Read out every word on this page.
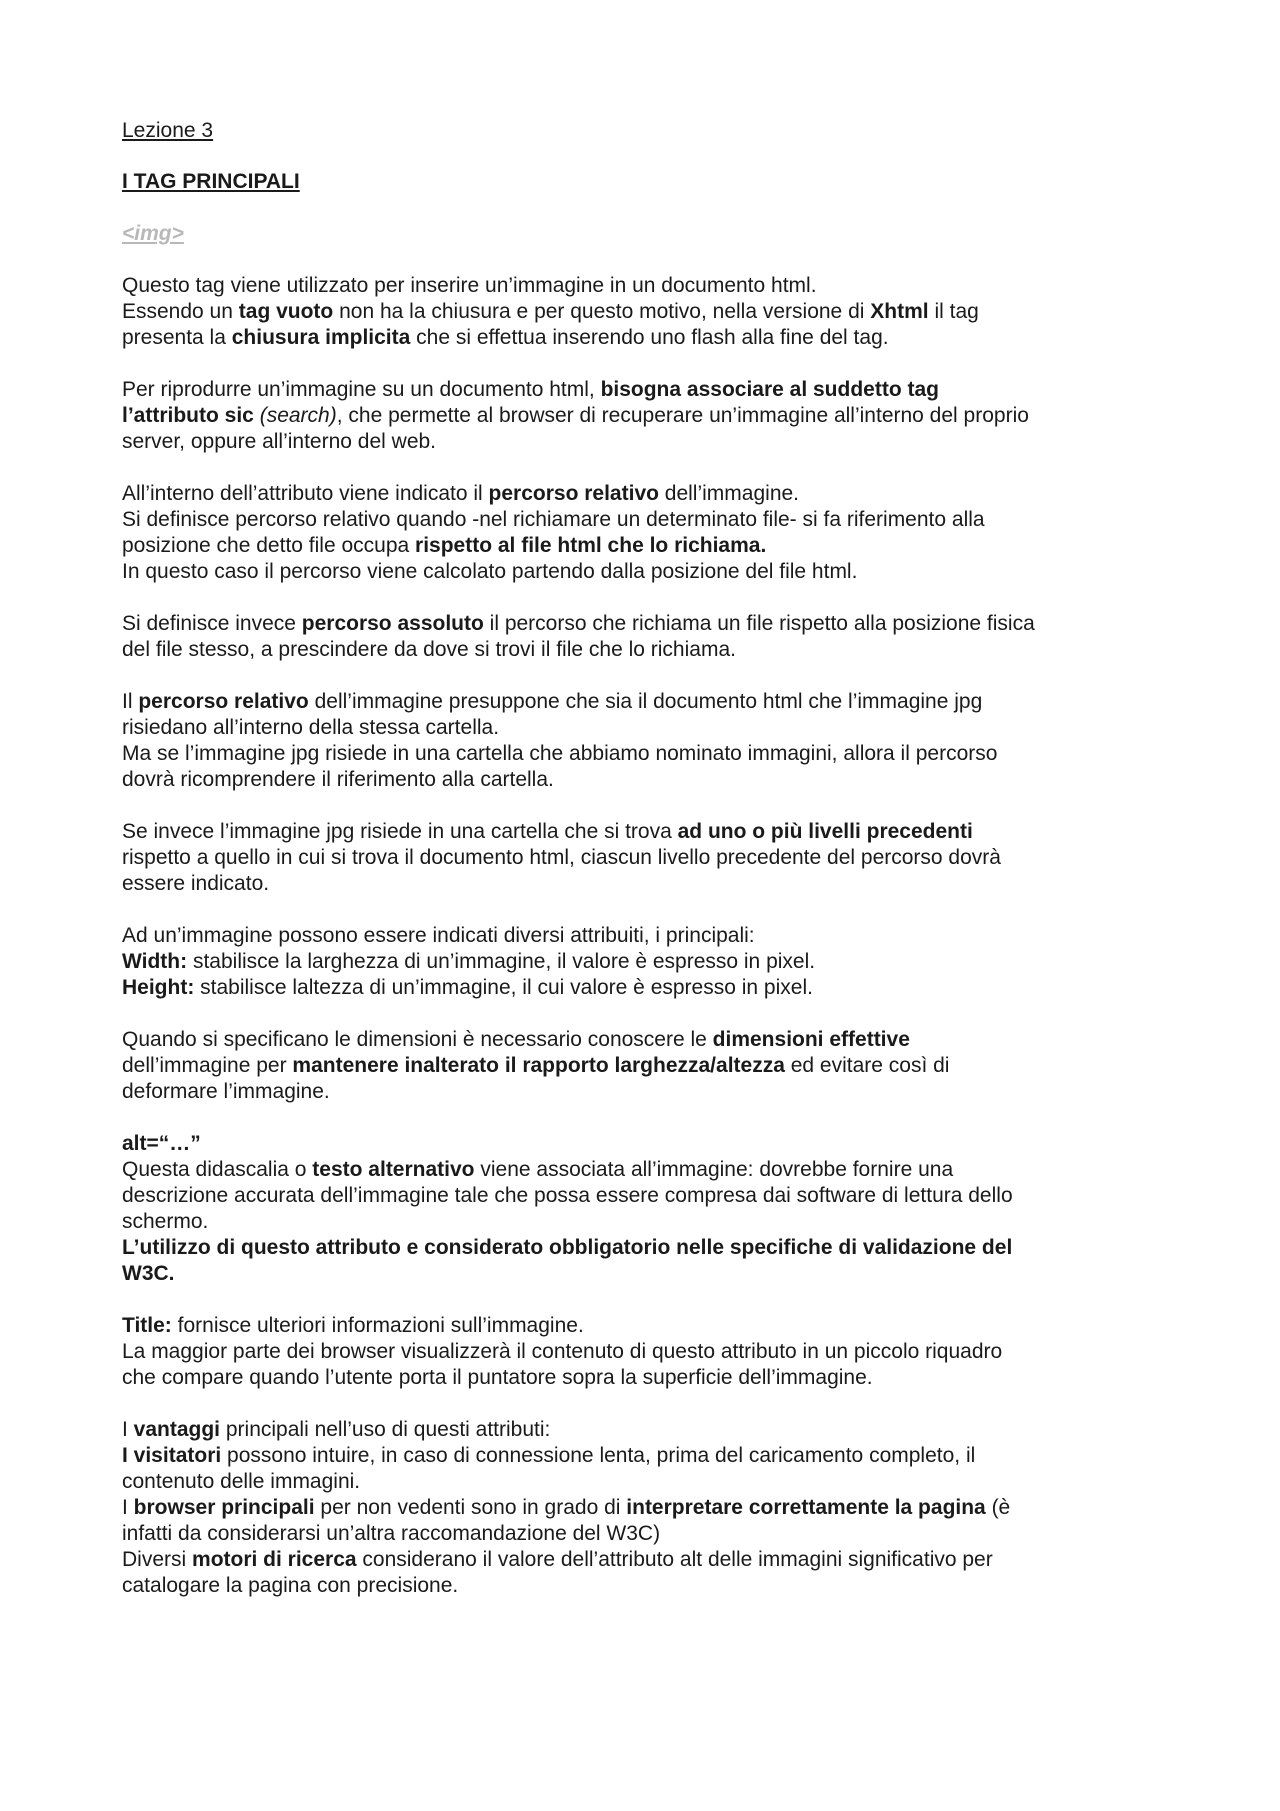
Lezione 3
I TAG PRINCIPALI
<img>
Questo tag viene utilizzato per inserire un’immagine in un documento html.
Essendo un tag vuoto non ha la chiusura e per questo motivo, nella versione di Xhtml il tag
presenta la chiusura implicita che si effettua inserendo uno flash alla fine del tag.
Per riprodurre un’immagine su un documento html, bisogna associare al suddetto tag
l’attributo sic (search), che permette al browser di recuperare un’immagine all’interno del proprio
server, oppure all’interno del web.
All’interno dell’attributo viene indicato il percorso relativo dell’immagine.
Si definisce percorso relativo quando -nel richiamare un determinato file- si fa riferimento alla
posizione che detto file occupa rispetto al file html che lo richiama.
In questo caso il percorso viene calcolato partendo dalla posizione del file html.
Si definisce invece percorso assoluto il percorso che richiama un file rispetto alla posizione fisica
del file stesso, a prescindere da dove si trovi il file che lo richiama.
Il percorso relativo dell’immagine presuppone che sia il documento html che l’immagine jpg
risiedano all’interno della stessa cartella.
Ma se l’immagine jpg risiede in una cartella che abbiamo nominato immagini, allora il percorso
dovrà ricomprendere il riferimento alla cartella.
Se invece l’immagine jpg risiede in una cartella che si trova ad uno o più livelli precedenti
rispetto a quello in cui si trova il documento html, ciascun livello precedente del percorso dovrà
essere indicato.
Ad un’immagine possono essere indicati diversi attribuiti, i principali:
Width: stabilisce la larghezza di un’immagine, il valore è espresso in pixel.
Height: stabilisce laltezza di un’immagine, il cui valore è espresso in pixel.
Quando si specificano le dimensioni è necessario conoscere le dimensioni effettive
dell’immagine per mantenere inalterato il rapporto larghezza/altezza ed evitare così di
deformare l’immagine.
alt=“…”
Questa didascalia o testo alternativo viene associata all’immagine: dovrebbe fornire una
descrizione accurata dell’immagine tale che possa essere compresa dai software di lettura dello
schermo.
L’utilizzo di questo attributo e considerato obbligatorio nelle specifiche di validazione del
W3C.
Title: fornisce ulteriori informazioni sull’immagine.
La maggior parte dei browser visualizzerà il contenuto di questo attributo in un piccolo riquadro
che compare quando l’utente porta il puntatore sopra la superficie dell’immagine.
I vantaggi principali nell’uso di questi attributi:
I visitatori possono intuire, in caso di connessione lenta, prima del caricamento completo, il
contenuto delle immagini.
I browser principali per non vedenti sono in grado di interpretare correttamente la pagina (è
infatti da considerarsi un’altra raccomandazione del W3C)
Diversi motori di ricerca considerano il valore dell’attributo alt delle immagini significativo per
catalogare la pagina con precisione.
